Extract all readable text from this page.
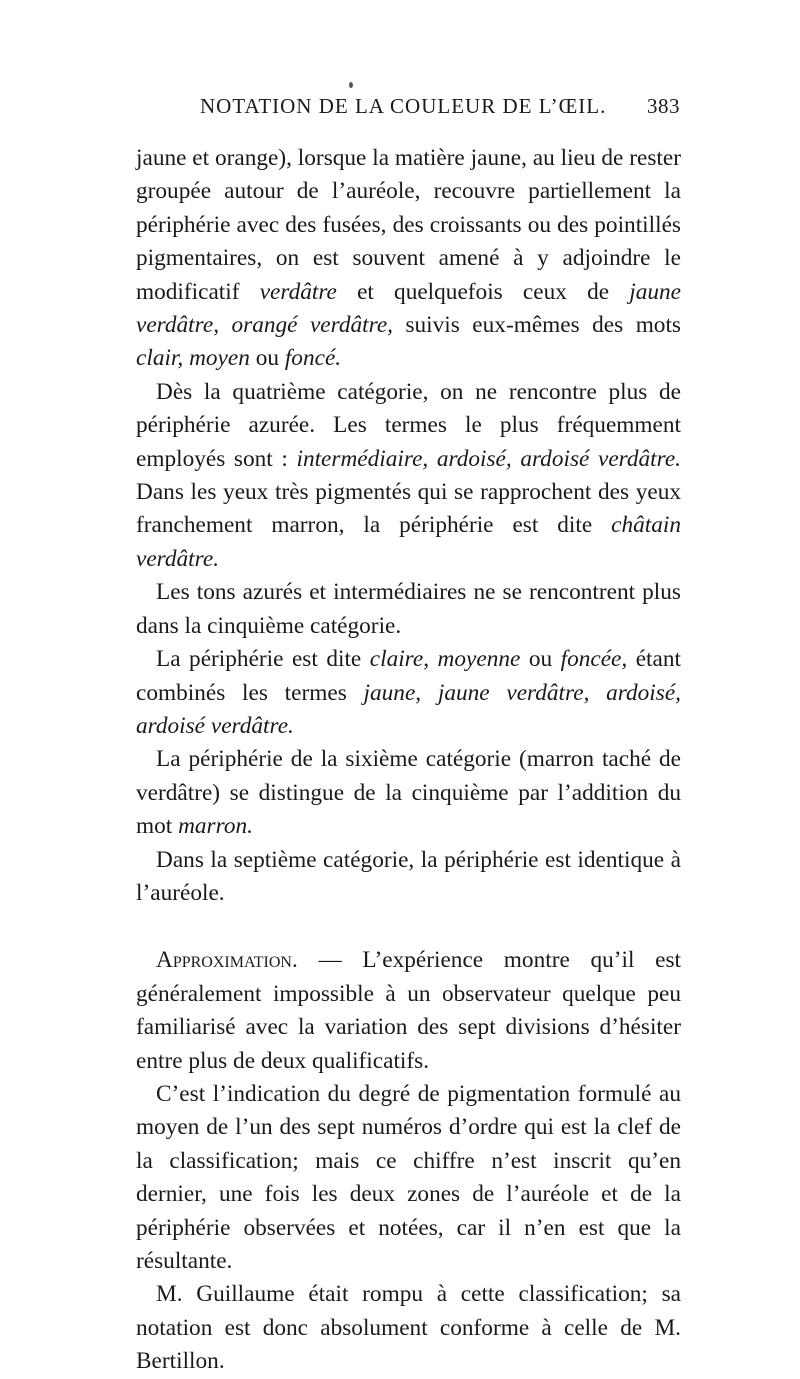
NOTATION DE LA COULEUR DE L’ŒIL. 383

jaune et orange), lorsque la matière jaune, au lieu de rester groupée autour de l’auréole, recouvre partiellement la périphérie avec des fusées, des croissants ou des pointillés pigmentaires, on est souvent amené à y adjoindre le modificatif verdâtre et quelquefois ceux de jaune verdâtre, orangé verdâtre, suivis eux-mêmes des mots clair, moyen ou foncé.

Dès la quatrième catégorie, on ne rencontre plus de périphérie azurée. Les termes le plus fréquemment employés sont : intermédiaire, ardoisé, ardoisé verdâtre. Dans les yeux très pigmentés qui se rapprochent des yeux franchement marron, la périphérie est dite châtain verdâtre.

Les tons azurés et intermédiaires ne se rencontrent plus dans la cinquième catégorie.

La périphérie est dite claire, moyenne ou foncée, étant combinés les termes jaune, jaune verdâtre, ardoisé, ardoisé verdâtre.

La périphérie de la sixième catégorie (marron taché de verdâtre) se distingue de la cinquième par l’addition du mot marron.

Dans la septième catégorie, la périphérie est identique à l’auréole.

Approximation. — L’expérience montre qu’il est généralement impossible à un observateur quelque peu familiarisé avec la variation des sept divisions d’hésiter entre plus de deux qualificatifs.

C’est l’indication du degré de pigmentation formulé au moyen de l’un des sept numéros d’ordre qui est la clef de la classification; mais ce chiffre n’est inscrit qu’en dernier, une fois les deux zones de l’auréole et de la périphérie observées et notées, car il n’en est que la résultante.

M. Guillaume était rompu à cette classification; sa notation est donc absolument conforme à celle de M. Bertillon.
